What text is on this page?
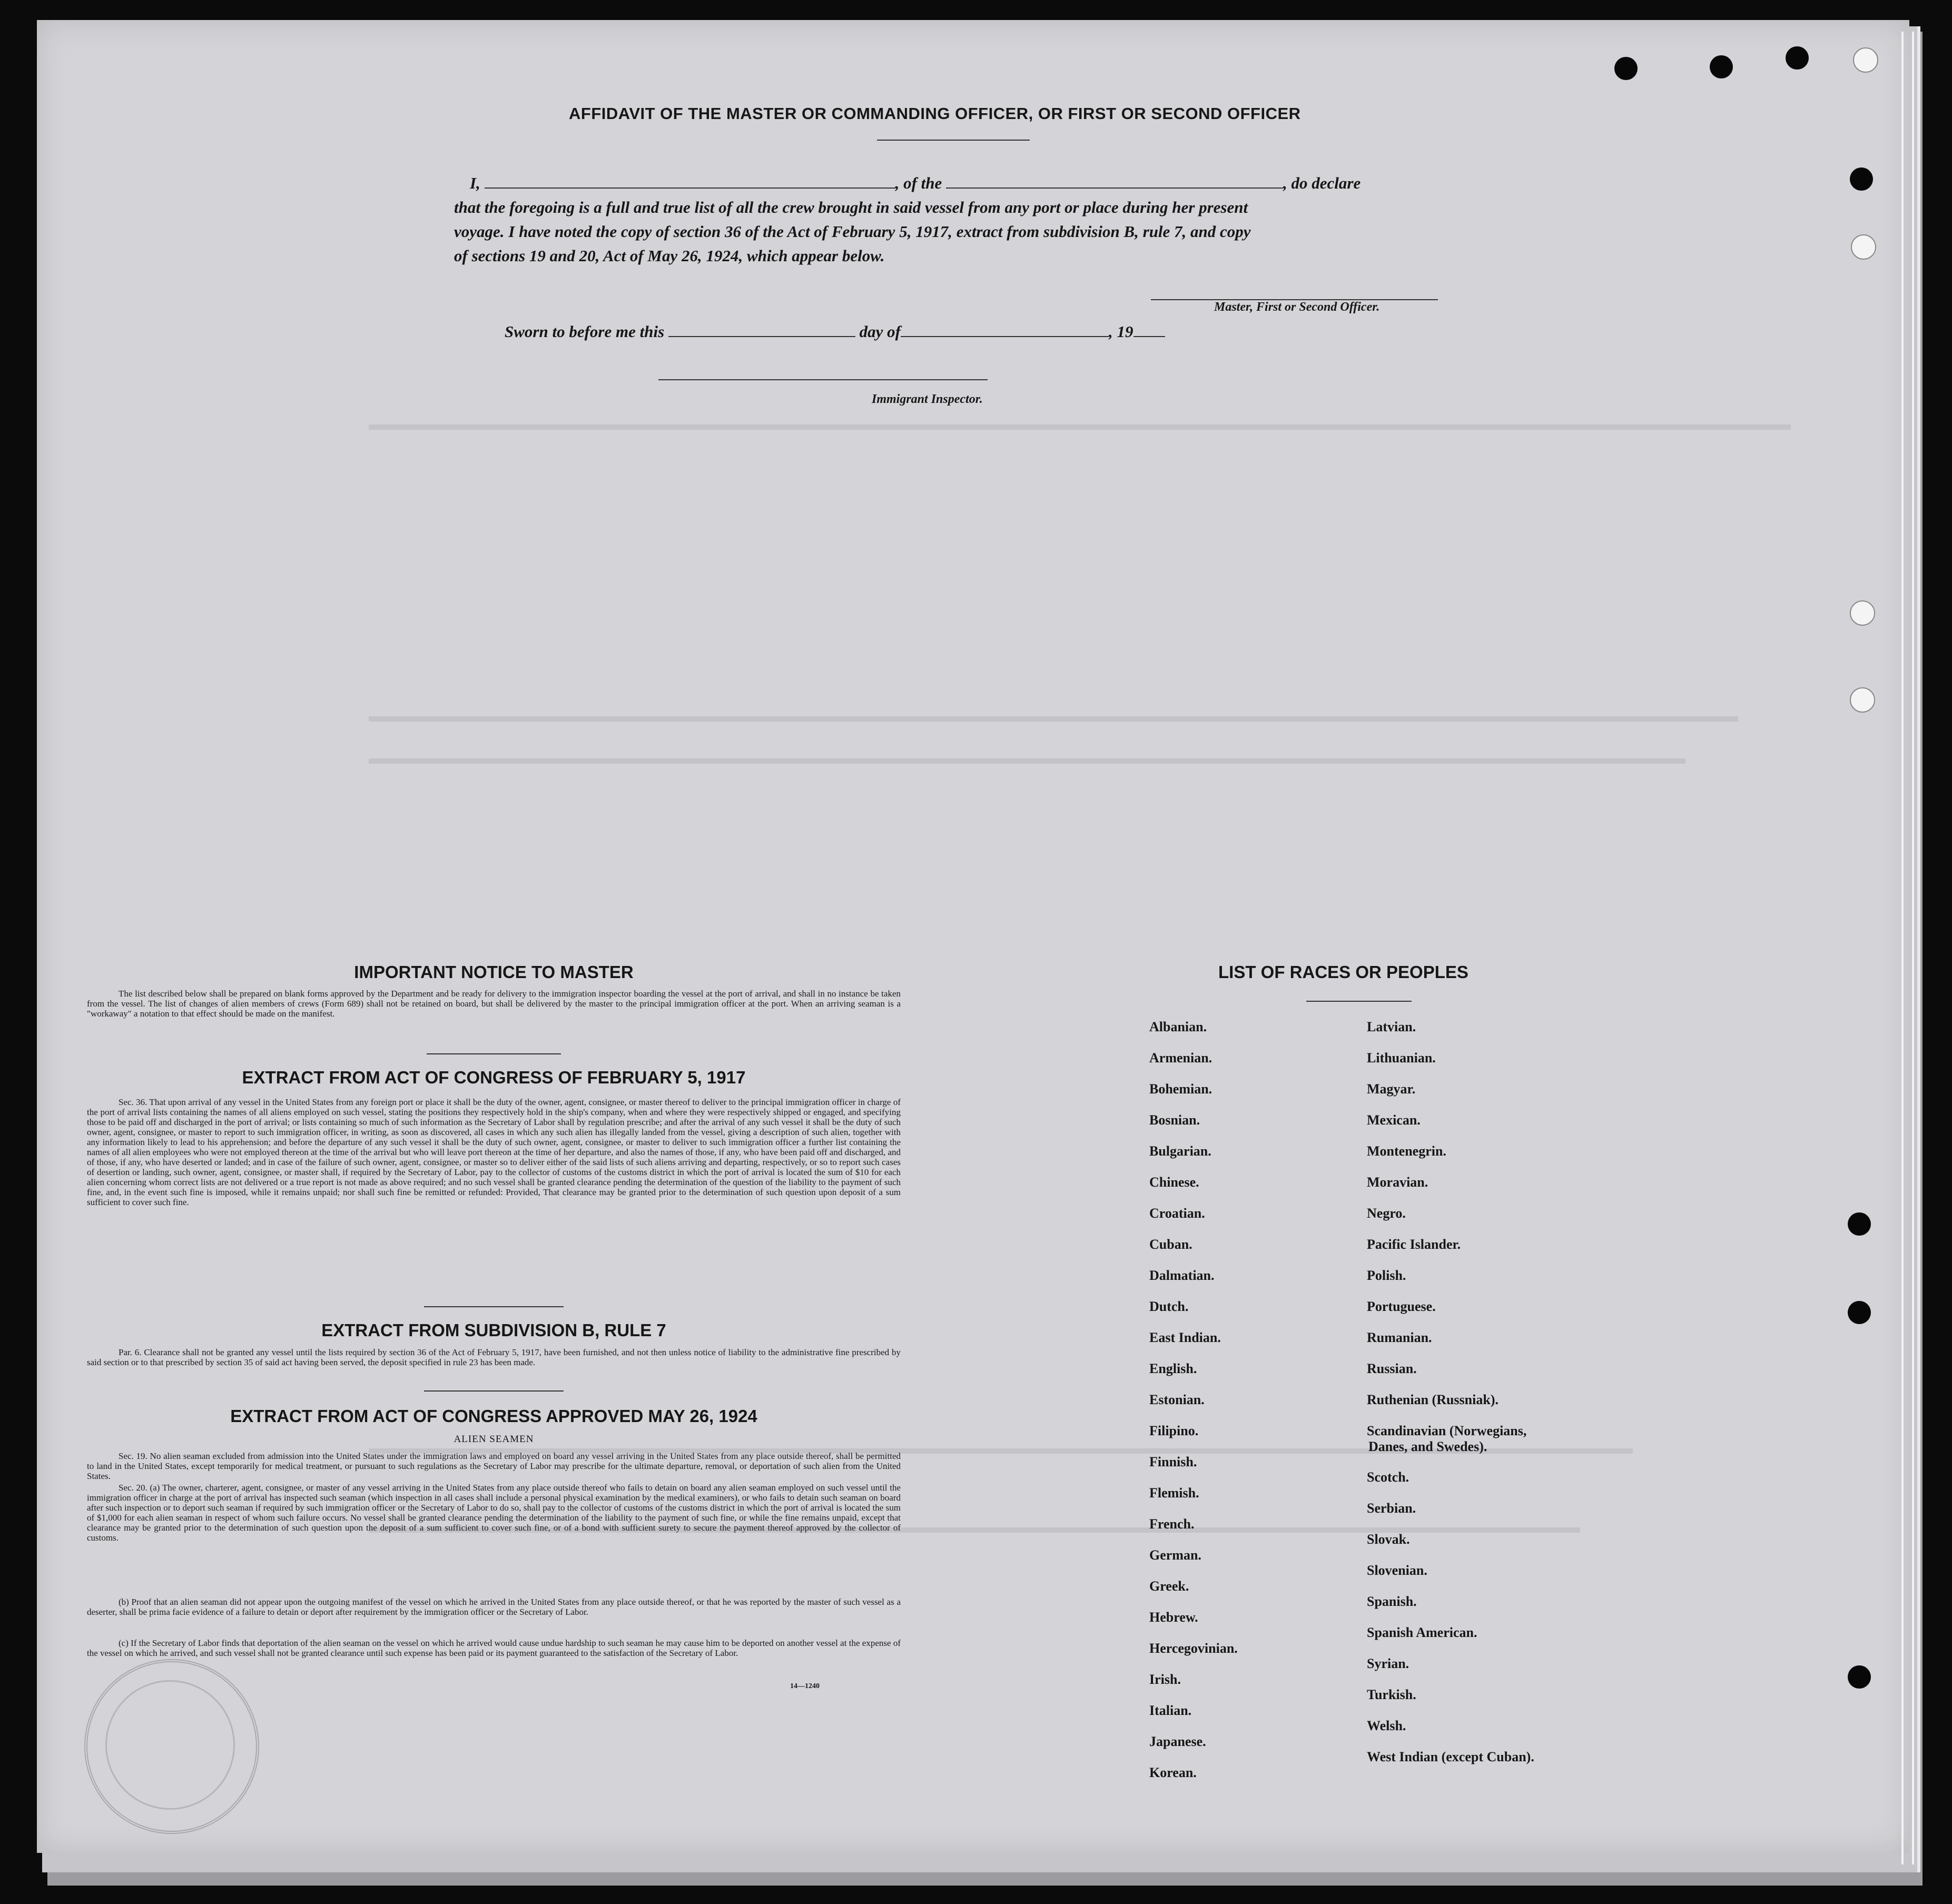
AFFIDAVIT OF THE MASTER OR COMMANDING OFFICER, OR FIRST OR SECOND OFFICER
I,	, of the	, do declare
that the foregoing is a full and true list of all the crew brought in said vessel from any port or place during her present
voyage. I have noted the copy of section 36 of the Act of February 5, 1917, extract from subdivision B, rule 7, and copy
of sections 19 and 20, Act of May 26, 1924, which appear below.
Master, First or Second Officer.
Sworn to before me this	day of	, 19
Immigrant Inspector.
IMPORTANT NOTICE TO MASTER
The list described below shall be prepared on blank forms approved by the Department and be ready for delivery to the immigration inspector boarding the vessel at the port of arrival, and shall in no instance be taken from the vessel. The list of changes of alien members of crews (Form 689) shall not be retained on board, but shall be delivered by the master to the principal immigration officer at the port. When an arriving seaman is a "workaway" a notation to that effect should be made on the manifest.
EXTRACT FROM ACT OF CONGRESS OF FEBRUARY 5, 1917
Sec. 36. That upon arrival of any vessel in the United States from any foreign port or place it shall be the duty of the owner, agent, consignee, or master thereof to deliver to the principal immigration officer in charge of the port of arrival lists containing the names of all aliens employed on such vessel, stating the positions they respectively hold in the ship's company, when and where they were respectively shipped or engaged, and specifying those to be paid off and discharged in the port of arrival; or lists containing so much of such information as the Secretary of Labor shall by regulation prescribe; and after the arrival of any such vessel it shall be the duty of such owner, agent, consignee, or master to report to such immigration officer, in writing, as soon as discovered, all cases in which any such alien has illegally landed from the vessel, giving a description of such alien, together with any information likely to lead to his apprehension; and before the departure of any such vessel it shall be the duty of such owner, agent, consignee, or master to deliver to such immigration officer a further list containing the names of all alien employees who were not employed thereon at the time of the arrival but who will leave port thereon at the time of her departure, and also the names of those, if any, who have been paid off and discharged, and of those, if any, who have deserted or landed; and in case of the failure of such owner, agent, consignee, or master so to deliver either of the said lists of such aliens arriving and departing, respectively, or so to report such cases of desertion or landing, such owner, agent, consignee, or master shall, if required by the Secretary of Labor, pay to the collector of customs of the customs district in which the port of arrival is located the sum of $10 for each alien concerning whom correct lists are not delivered or a true report is not made as above required; and no such vessel shall be granted clearance pending the determination of the question of the liability to the payment of such fine, and, in the event such fine is imposed, while it remains unpaid; nor shall such fine be remitted or refunded: Provided, That clearance may be granted prior to the determination of such question upon deposit of a sum sufficient to cover such fine.
EXTRACT FROM SUBDIVISION B, RULE 7
Par. 6. Clearance shall not be granted any vessel until the lists required by section 36 of the Act of February 5, 1917, have been furnished, and not then unless notice of liability to the administrative fine prescribed by said section or to that prescribed by section 35 of said act having been served, the deposit specified in rule 23 has been made.
EXTRACT FROM ACT OF CONGRESS APPROVED MAY 26, 1924
ALIEN SEAMEN
Sec. 19. No alien seaman excluded from admission into the United States under the immigration laws and employed on board any vessel arriving in the United States from any place outside thereof, shall be permitted to land in the United States, except temporarily for medical treatment, or pursuant to such regulations as the Secretary of Labor may prescribe for the ultimate departure, removal, or deportation of such alien from the United States.
Sec. 20. (a) The owner, charterer, agent, consignee, or master of any vessel arriving in the United States from any place outside thereof who fails to detain on board any alien seaman employed on such vessel until the immigration officer in charge at the port of arrival has inspected such seaman (which inspection in all cases shall include a personal physical examination by the medical examiners), or who fails to detain such seaman on board after such inspection or to deport such seaman if required by such immigration officer or the Secretary of Labor to do so, shall pay to the collector of customs of the customs district in which the port of arrival is located the sum of $1,000 for each alien seaman in respect of whom such failure occurs. No vessel shall be granted clearance pending the determination of the liability to the payment of such fine, or while the fine remains unpaid, except that clearance may be granted prior to the determination of such question upon the deposit of a sum sufficient to cover such fine, or of a bond with sufficient surety to secure the payment thereof approved by the collector of customs.
(b) Proof that an alien seaman did not appear upon the outgoing manifest of the vessel on which he arrived in the United States from any place outside thereof, or that he was reported by the master of such vessel as a deserter, shall be prima facie evidence of a failure to detain or deport after requirement by the immigration officer or the Secretary of Labor.
(c) If the Secretary of Labor finds that deportation of the alien seaman on the vessel on which he arrived would cause undue hardship to such seaman he may cause him to be deported on another vessel at the expense of the vessel on which he arrived, and such vessel shall not be granted clearance until such expense has been paid or its payment guaranteed to the satisfaction of the Secretary of Labor.
14—1240
LIST OF RACES OR PEOPLES
Albanian.
Armenian.
Bohemian.
Bosnian.
Bulgarian.
Chinese.
Croatian.
Cuban.
Dalmatian.
Dutch.
East Indian.
English.
Estonian.
Filipino.
Finnish.
Flemish.
French.
German.
Greek.
Hebrew.
Hercegovinian.
Irish.
Italian.
Japanese.
Korean.
Latvian.
Lithuanian.
Magyar.
Mexican.
Montenegrin.
Moravian.
Negro.
Pacific Islander.
Polish.
Portuguese.
Rumanian.
Russian.
Ruthenian (Russniak).
Scandinavian (Norwegians,
Danes, and Swedes).
Scotch.
Serbian.
Slovak.
Slovenian.
Spanish.
Spanish American.
Syrian.
Turkish.
Welsh.
West Indian (except Cuban).
